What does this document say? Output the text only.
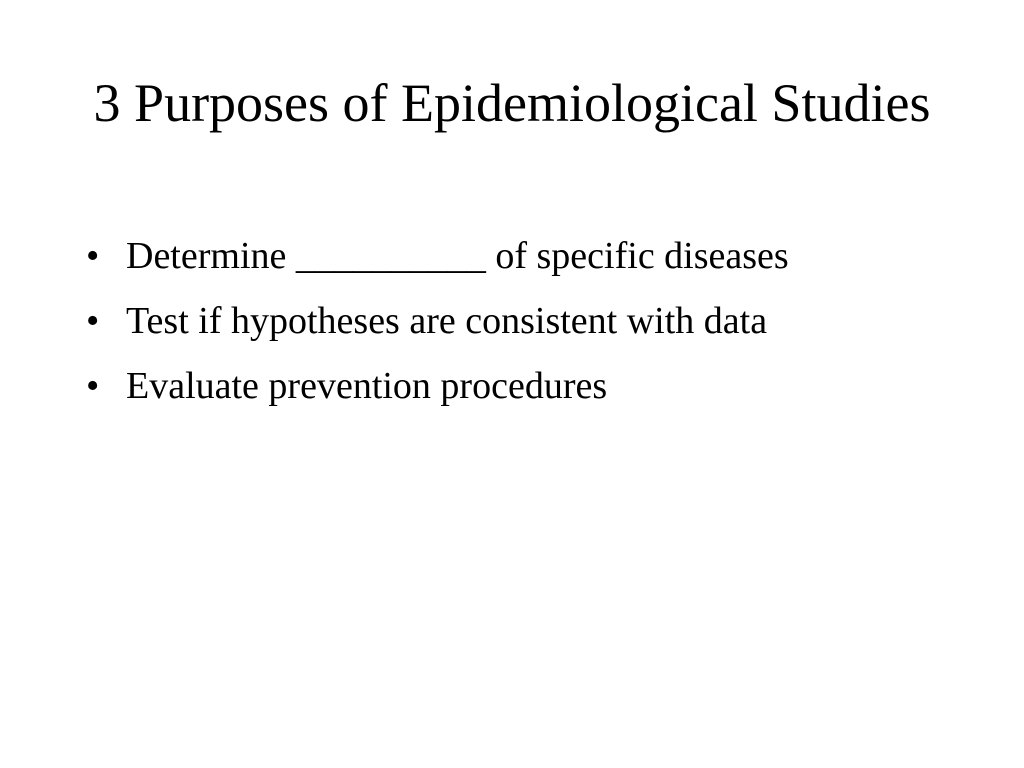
3 Purposes of Epidemiological Studies
• Determine __________ of specific diseases
• Test if hypotheses are consistent with data
• Evaluate prevention procedures
